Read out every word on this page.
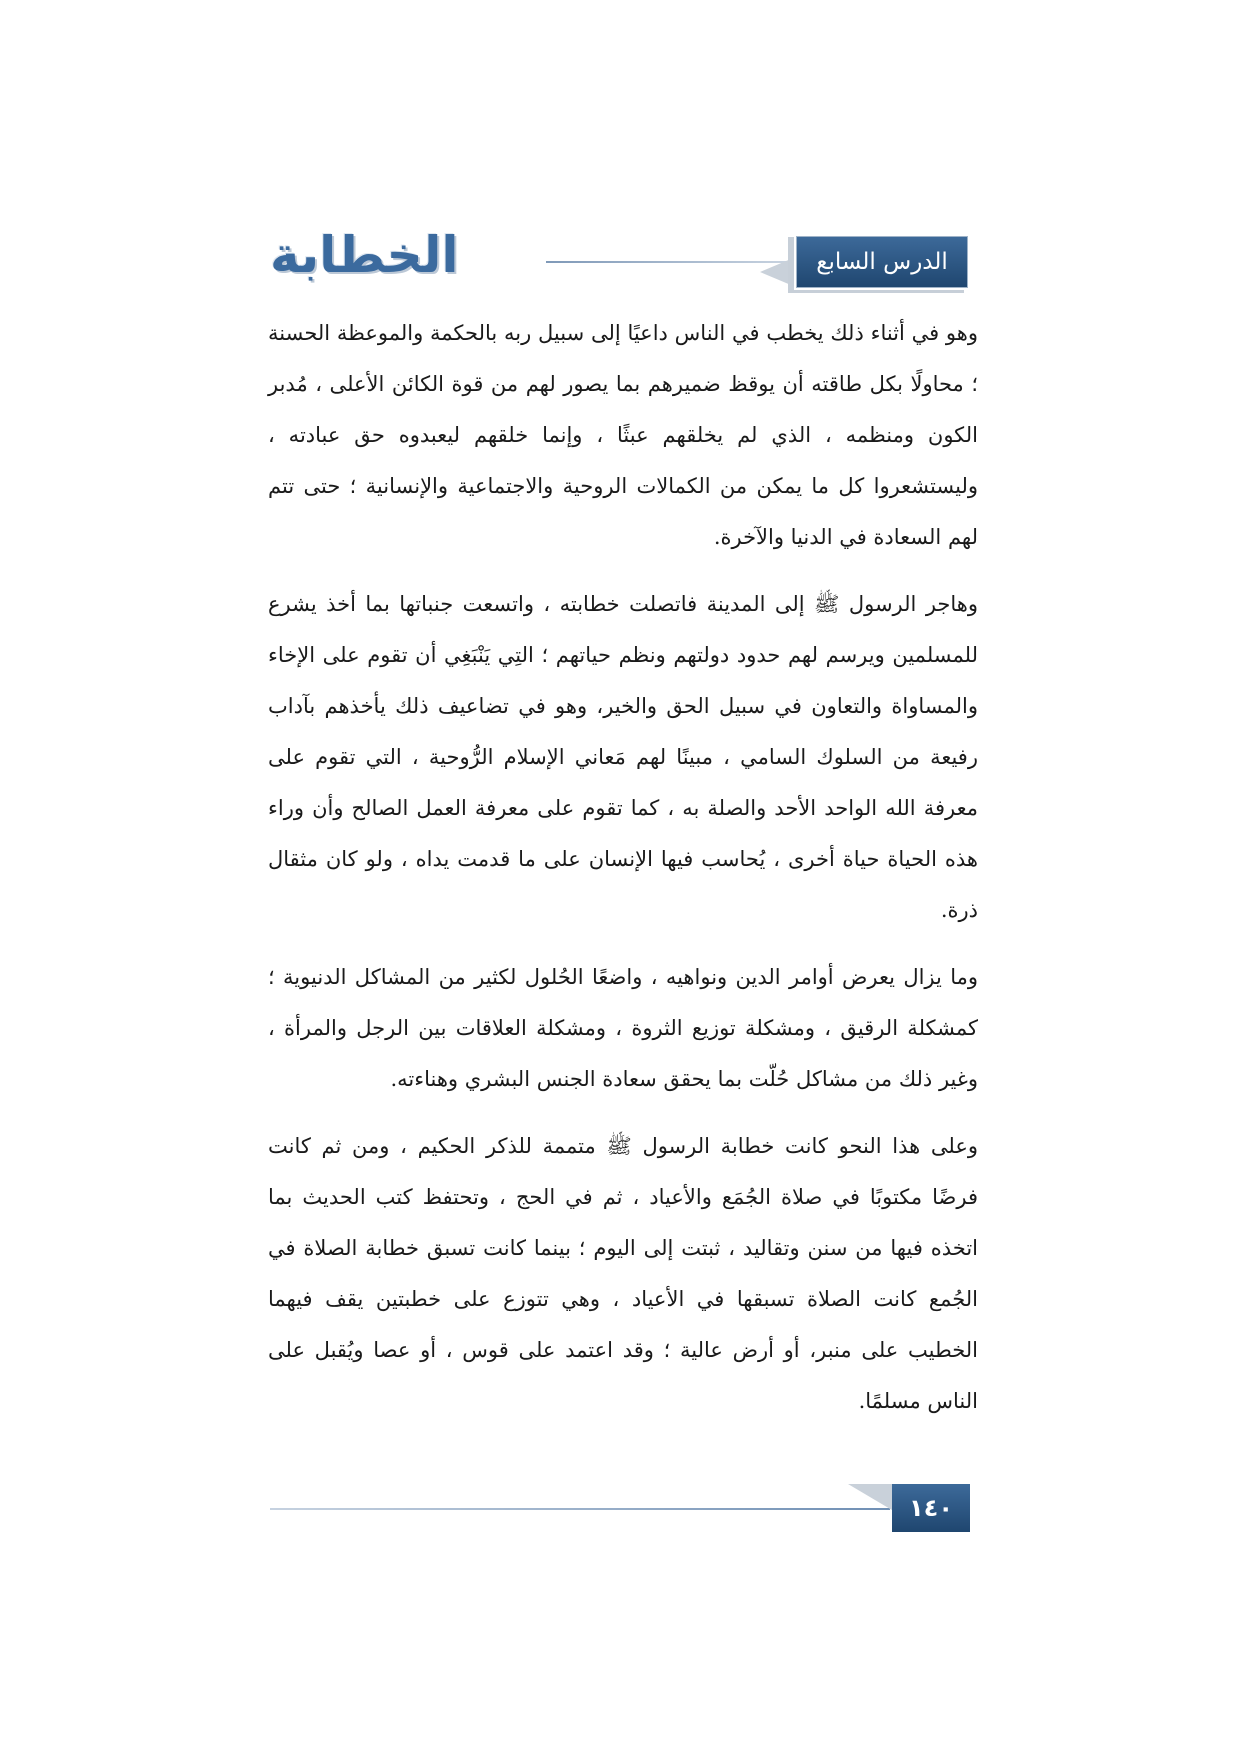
الخطابة	الدرس السابع

وهو في أثناء ذلك يخطب في الناس داعيًا إلى سبيل ربه بالحكمة والموعظة الحسنة ؛ محاولًا بكل طاقته أن يوقظ ضميرهم بما يصور لهم من قوة الكائن الأعلى ، مُدبر الكون ومنظمه ، الذي لم يخلقهم عبثًا ، وإنما خلقهم ليعبدوه حق عبادته ، وليستشعروا كل ما يمكن من الكمالات الروحية والاجتماعية والإنسانية ؛ حتى تتم لهم السعادة في الدنيا والآخرة.

وهاجر الرسول ﷺ إلى المدينة فاتصلت خطابته ، واتسعت جنباتها بما أخذ يشرع للمسلمين ويرسم لهم حدود دولتهم ونظم حياتهم ؛ التِي يَنْبَغِي أن تقوم على الإخاء والمساواة والتعاون في سبيل الحق والخير، وهو في تضاعيف ذلك يأخذهم بآداب رفيعة من السلوك السامي ، مبينًا لهم مَعاني الإسلام الرُّوحية ، التي تقوم على معرفة الله الواحد الأحد والصلة به ، كما تقوم على معرفة العمل الصالح وأن وراء هذه الحياة حياة أخرى ، يُحاسب فيها الإنسان على ما قدمت يداه ، ولو كان مثقال ذرة.

وما يزال يعرض أوامر الدين ونواهيه ، واضعًا الحُلول لكثير من المشاكل الدنيوية ؛ كمشكلة الرقيق ، ومشكلة توزيع الثروة ، ومشكلة العلاقات بين الرجل والمرأة ، وغير ذلك من مشاكل حُلّت بما يحقق سعادة الجنس البشري وهناءته.

وعلى هذا النحو كانت خطابة الرسول ﷺ متممة للذكر الحكيم ، ومن ثم كانت فرضًا مكتوبًا في صلاة الجُمَع والأعياد ، ثم في الحج ، وتحتفظ كتب الحديث بما اتخذه فيها من سنن وتقاليد ، ثبتت إلى اليوم ؛ بينما كانت تسبق خطابة الصلاة في الجُمع كانت الصلاة تسبقها في الأعياد ، وهي تتوزع على خطبتين يقف فيهما الخطيب على منبر، أو أرض عالية ؛ وقد اعتمد على قوس ، أو عصا ويُقبل على الناس مسلمًا.

١٤٠
